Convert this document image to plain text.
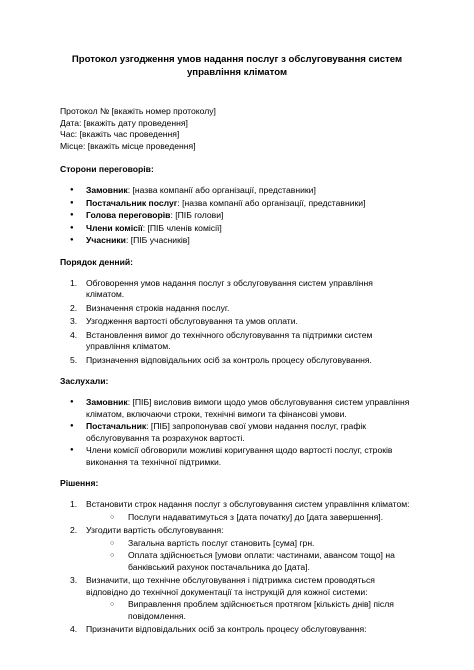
Протокол узгодження умов надання послуг з обслуговування систем
управління кліматом
Протокол № [вкажіть номер протоколу]
Дата: [вкажіть дату проведення]
Час: [вкажіть час проведення]
Місце: [вкажіть місце проведення]
Сторони переговорів:
● Замовник: [назва компанії або організації, представники]
● Постачальник послуг: [назва компанії або організації, представники]
● Голова переговорів: [ПІБ голови]
● Члени комісії: [ПІБ членів комісії]
● Учасники: [ПІБ учасників]
Порядок денний:
1. Обговорення умов надання послуг з обслуговування систем управління
кліматом.
2. Визначення строків надання послуг.
3. Узгодження вартості обслуговування та умов оплати.
4. Встановлення вимог до технічного обслуговування та підтримки систем
управління кліматом.
5. Призначення відповідальних осіб за контроль процесу обслуговування.
Заслухали:
● Замовник: [ПІБ] висловив вимоги щодо умов обслуговування систем управління
кліматом, включаючи строки, технічні вимоги та фінансові умови.
● Постачальник: [ПІБ] запропонував свої умови надання послуг, графік
обслуговування та розрахунок вартості.
● Члени комісії обговорили можливі коригування щодо вартості послуг, строків
виконання та технічної підтримки.
Рішення:
1. Встановити строк надання послуг з обслуговування систем управління кліматом:
○ Послуги надаватимуться з [дата початку] до [дата завершення].
2. Узгодити вартість обслуговування:
○ Загальна вартість послуг становить [сума] грн.
○ Оплата здійснюється [умови оплати: частинами, авансом тощо] на
банківський рахунок постачальника до [дата].
3. Визначити, що технічне обслуговування і підтримка систем проводяться
відповідно до технічної документації та інструкцій для кожної системи:
○ Виправлення проблем здійснюється протягом [кількість днів] після
повідомлення.
4. Призначити відповідальних осіб за контроль процесу обслуговування:
